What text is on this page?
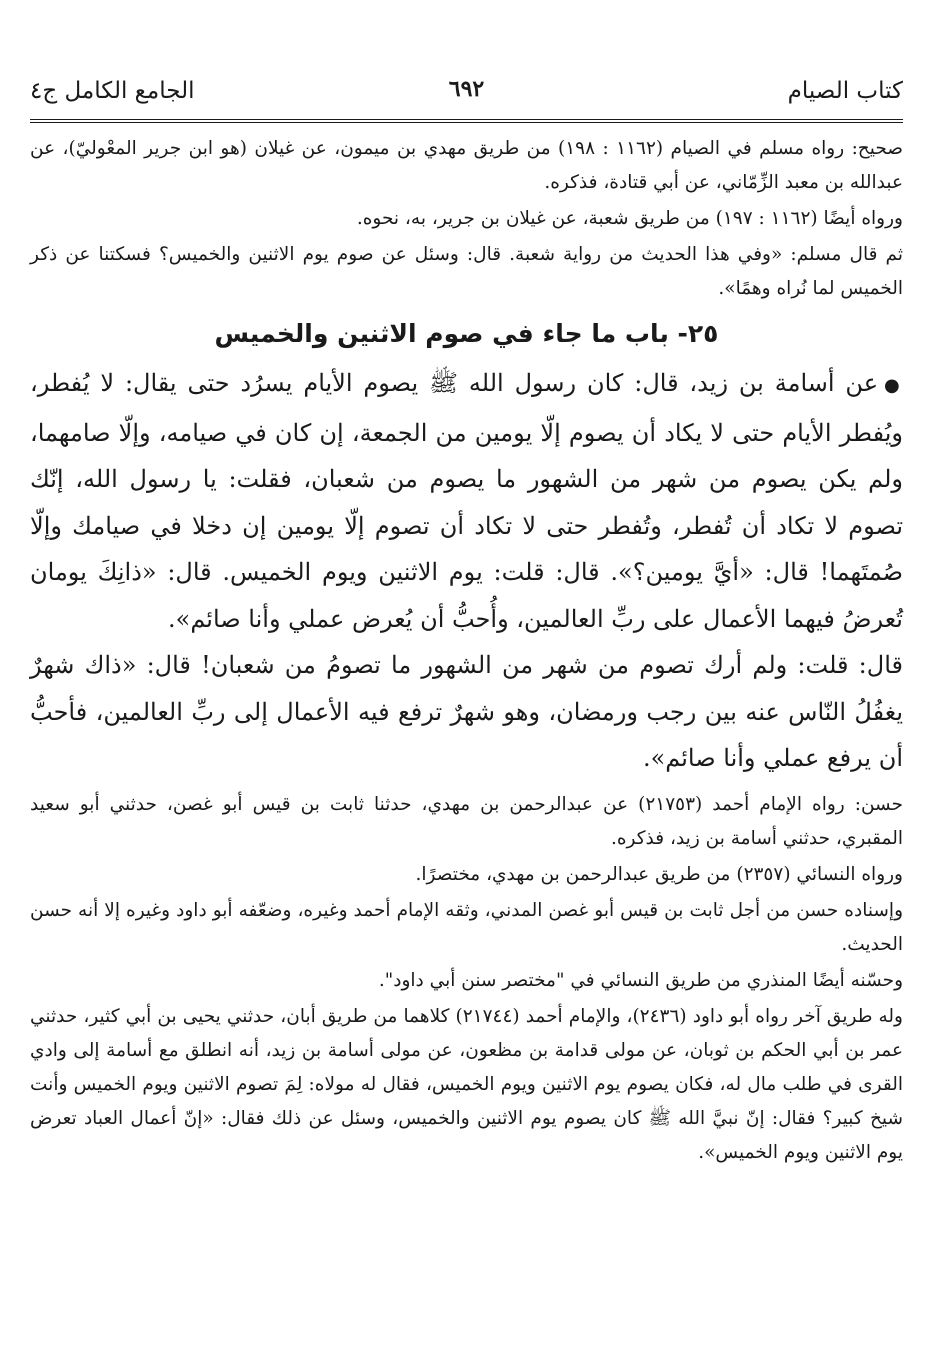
كتاب الصيام
٦٩٢
الجامع الكامل ج٤

صحيح: رواه مسلم في الصيام (١١٦٢ : ١٩٨) من طريق مهدي بن ميمون، عن غيلان (هو ابن جرير المعْوليّ)، عن عبدالله بن معبد الزِّمّاني، عن أبي قتادة، فذكره.

ورواه أيضًا (١١٦٢ : ١٩٧) من طريق شعبة، عن غيلان بن جرير، به، نحوه.

ثم قال مسلم: «وفي هذا الحديث من رواية شعبة. قال: وسئل عن صوم يوم الاثنين والخميس؟ فسكتنا عن ذكر الخميس لما نُراه وهمًا».

٢٥- باب ما جاء في صوم الاثنين والخميس

●عن أسامة بن زيد، قال: كان رسول الله ﷺ يصوم الأيام يسرُد حتى يقال: لا يُفطر، ويُفطر الأيام حتى لا يكاد أن يصوم إلّا يومين من الجمعة، إن كان في صيامه، وإلّا صامهما، ولم يكن يصوم من شهر من الشهور ما يصوم من شعبان، فقلت: يا رسول الله، إنّك تصوم لا تكاد أن تُفطر، وتُفطر حتى لا تكاد أن تصوم إلّا يومين إن دخلا في صيامك وإلّا صُمتَهما! قال: «أيَّ يومين؟». قال: قلت: يوم الاثنين ويوم الخميس. قال: «ذانِكَ يومان تُعرضُ فيهما الأعمال على ربِّ العالمين، وأُحبُّ أن يُعرض عملي وأنا صائم».

قال: قلت: ولم أرك تصوم من شهر من الشهور ما تصومُ من شعبان! قال: «ذاك شهرٌ يغفُلُ النّاس عنه بين رجب ورمضان، وهو شهرٌ ترفع فيه الأعمال إلى ربِّ العالمين، فأحبُّ أن يرفع عملي وأنا صائم».

حسن: رواه الإمام أحمد (٢١٧٥٣) عن عبدالرحمن بن مهدي، حدثنا ثابت بن قيس أبو غصن، حدثني أبو سعيد المقبري، حدثني أسامة بن زيد، فذكره.

ورواه النسائي (٢٣٥٧) من طريق عبدالرحمن بن مهدي، مختصرًا.

وإسناده حسن من أجل ثابت بن قيس أبو غصن المدني، وثقه الإمام أحمد وغيره، وضعّفه أبو داود وغيره إلا أنه حسن الحديث.

وحسّنه أيضًا المنذري من طريق النسائي في "مختصر سنن أبي داود".

وله طريق آخر رواه أبو داود (٢٤٣٦)، والإمام أحمد (٢١٧٤٤) كلاهما من طريق أبان، حدثني يحيى بن أبي كثير، حدثني عمر بن أبي الحكم بن ثوبان، عن مولى قدامة بن مظعون، عن مولى أسامة بن زيد، أنه انطلق مع أسامة إلى وادي القرى في طلب مال له، فكان يصوم يوم الاثنين ويوم الخميس، فقال له مولاه: لِمَ تصوم الاثنين ويوم الخميس وأنت شيخ كبير؟ فقال: إنّ نبيَّ الله ﷺ كان يصوم يوم الاثنين والخميس، وسئل عن ذلك فقال: «إنّ أعمال العباد تعرض يوم الاثنين ويوم الخميس».
